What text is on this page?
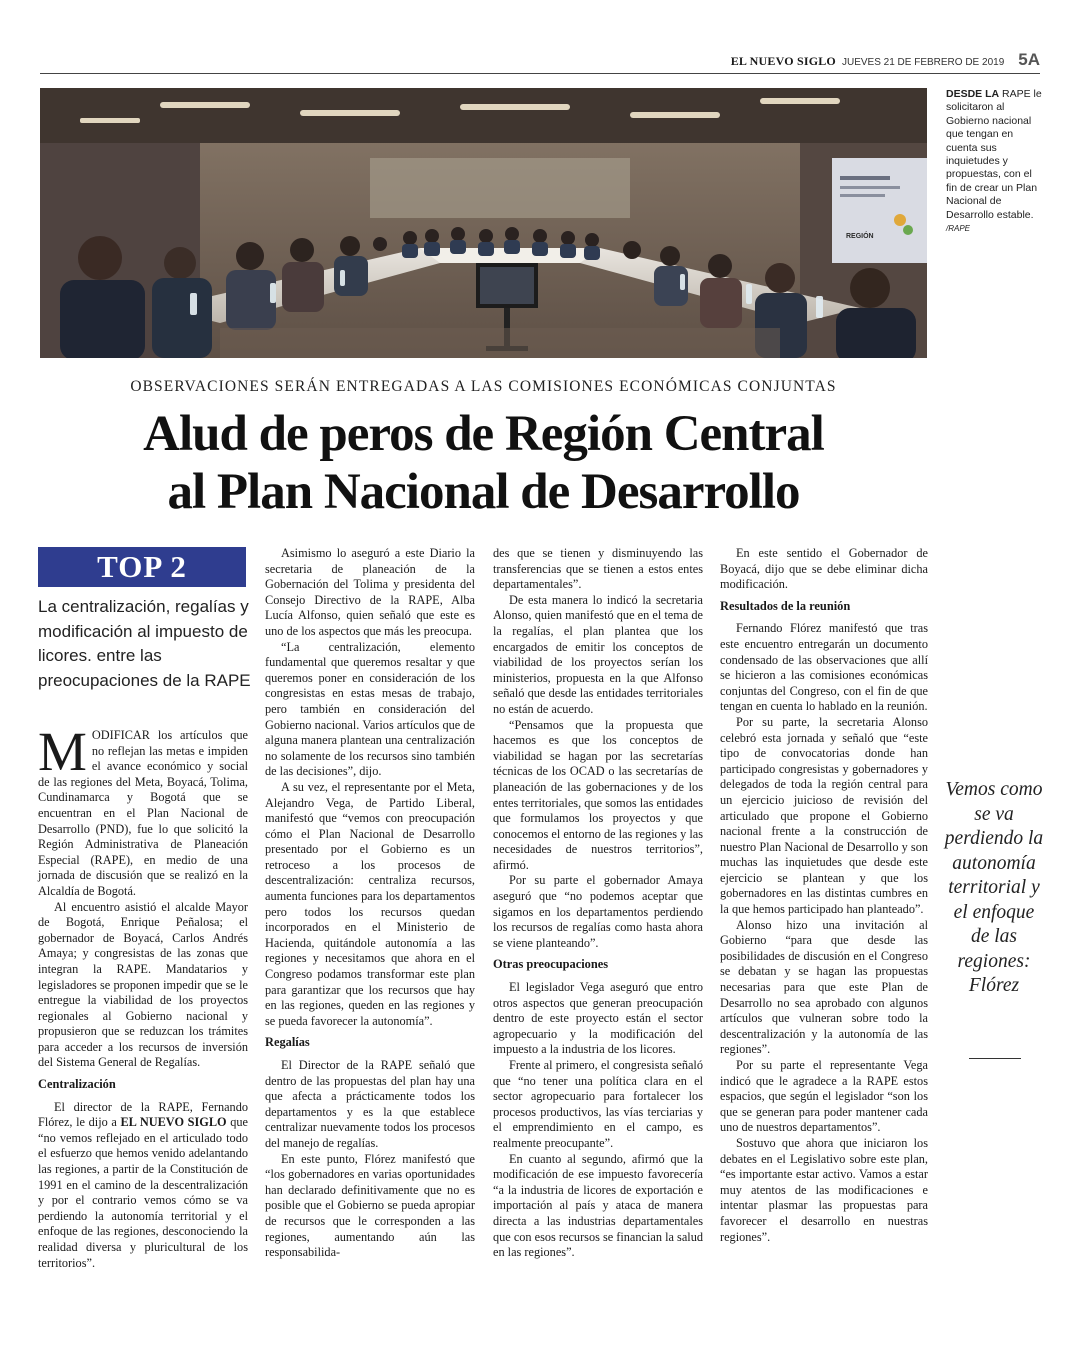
EL NUEVO SIGLO JUEVES 21 DE FEBRERO DE 2019 5A
REGIÓN
DESDE LA RAPE le solicitaron al Gobierno nacional que tengan en cuenta sus inquietudes y propuestas, con el fin de crear un Plan Nacional de Desarrollo estable. /RAPE
OBSERVACIONES SERÁN ENTREGADAS A LAS COMISIONES ECONÓMICAS CONJUNTAS
Alud de peros de Región Central
al Plan Nacional de Desarrollo
TOP 2
La centralización, regalías y modificación al impuesto de licores. entre las preocupaciones de la RAPE

MODIFICAR los artículos que no reflejan las metas e impiden el avance económico y social de las regiones del Meta, Boyacá, Tolima, Cundinamarca y Bogotá que se encuentran en el Plan Nacional de Desarrollo (PND), fue lo que solicitó la Región Administrativa de Planeación Especial (RAPE), en medio de una jornada de discusión que se realizó en la Alcaldía de Bogotá.

Al encuentro asistió el alcalde Mayor de Bogotá, Enrique Peñalosa; el gobernador de Boyacá, Carlos Andrés Amaya; y congresistas de las zonas que integran la RAPE. Mandatarios y legisladores se proponen impedir que se le entregue la viabilidad de los proyectos regionales al Gobierno nacional y propusieron que se reduzcan los trámites para acceder a los recursos de inversión del Sistema General de Regalías.

Centralización

El director de la RAPE, Fernando Flórez, le dijo a EL NUEVO SIGLO que “no vemos reflejado en el articulado todo el esfuerzo que hemos venido adelantando las regiones, a partir de la Constitución de 1991 en el camino de la descentralización y por el contrario vemos cómo se va perdiendo la autonomía territorial y el enfoque de las regiones, desconociendo la realidad diversa y pluricultural de los territorios”.

Asimismo lo aseguró a este Diario la secretaria de planeación de la Gobernación del Tolima y presidenta del Consejo Directivo de la RAPE, Alba Lucía Alfonso, quien señaló que este es uno de los aspectos que más les preocupa.

“La centralización, elemento fundamental que queremos resaltar y que queremos poner en consideración de los congresistas en estas mesas de trabajo, pero también en consideración del Gobierno nacional. Varios artículos que de alguna manera plantean una centralización no solamente de los recursos sino también de las decisiones”, dijo.

A su vez, el representante por el Meta, Alejandro Vega, de Partido Liberal, manifestó que “vemos con preocupación cómo el Plan Nacional de Desarrollo presentado por el Gobierno es un retroceso a los procesos de descentralización: centraliza recursos, aumenta funciones para los departamentos pero todos los recursos quedan incorporados en el Ministerio de Hacienda, quitándole autonomía a las regiones y necesitamos que ahora en el Congreso podamos transformar este plan para garantizar que los recursos que hay en las regiones, queden en las regiones y se pueda favorecer la autonomía”.

Regalías

El Director de la RAPE señaló que dentro de las propuestas del plan hay una que afecta a prácticamente todos los departamentos y es la que establece centralizar nuevamente todos los procesos del manejo de regalías.

En este punto, Flórez manifestó que “los gobernadores en varias oportunidades han declarado definitivamente que no es posible que el Gobierno se pueda apropiar de recursos que le corresponden a las regiones, aumentando aún las responsabilida-

des que se tienen y disminuyendo las transferencias que se tienen a estos entes departamentales”.

De esta manera lo indicó la secretaria Alonso, quien manifestó que en el tema de la regalías, el plan plantea que los encargados de emitir los conceptos de viabilidad de los proyectos serían los ministerios, propuesta en la que Alfonso señaló que desde las entidades territoriales no están de acuerdo.

“Pensamos que la propuesta que hacemos es que los conceptos de viabilidad se hagan por las secretarías técnicas de los OCAD o las secretarías de planeación de las gobernaciones y de los entes territoriales, que somos las entidades que formulamos los proyectos y que conocemos el entorno de las regiones y las necesidades de nuestros territorios”, afirmó.

Por su parte el gobernador Amaya aseguró que “no podemos aceptar que sigamos en los departamentos perdiendo los recursos de regalías como hasta ahora se viene planteando”.

Otras preocupaciones

El legislador Vega aseguró que entro otros aspectos que generan preocupación dentro de este proyecto están el sector agropecuario y la modificación del impuesto a la industria de los licores.

Frente al primero, el congresista señaló que “no tener una política clara en el sector agropecuario para fortalecer los procesos productivos, las vías terciarias y el emprendimiento en el campo, es realmente preocupante”.

En cuanto al segundo, afirmó que la modificación de ese impuesto favorecería “a la industria de licores de exportación e importación al país y ataca de manera directa a las industrias departamentales que con esos recursos se financian la salud en las regiones”.

En este sentido el Gobernador de Boyacá, dijo que se debe eliminar dicha modificación.

Resultados de la reunión

Fernando Flórez manifestó que tras este encuentro entregarán un documento condensado de las observaciones que allí se hicieron a las comisiones económicas conjuntas del Congreso, con el fin de que tengan en cuenta lo hablado en la reunión.

Por su parte, la secretaria Alonso celebró esta jornada y señaló que “este tipo de convocatorias donde han participado congresistas y gobernadores y delegados de toda la región central para un ejercicio juicioso de revisión del articulado que propone el Gobierno nacional frente a la construcción de nuestro Plan Nacional de Desarrollo y son muchas las inquietudes que desde este ejercicio se plantean y que los gobernadores en las distintas cumbres en la que hemos participado han planteado”.

Alonso hizo una invitación al Gobierno “para que desde las posibilidades de discusión en el Congreso se debatan y se hagan las propuestas necesarias para que este Plan de Desarrollo no sea aprobado con algunos artículos que vulneran sobre todo la descentralización y la autonomía de las regiones”.

Por su parte el representante Vega indicó que le agradece a la RAPE estos espacios, que según el legislador “son los que se generan para poder mantener cada uno de nuestros departamentos”.

Sostuvo que ahora que iniciaron los debates en el Legislativo sobre este plan, “es importante estar activo. Vamos a estar muy atentos de las modificaciones e intentar plasmar las propuestas para favorecer el desarrollo en nuestras regiones”.

Vemos como se va perdiendo la autonomía territorial y el enfoque de las regiones: Flórez
